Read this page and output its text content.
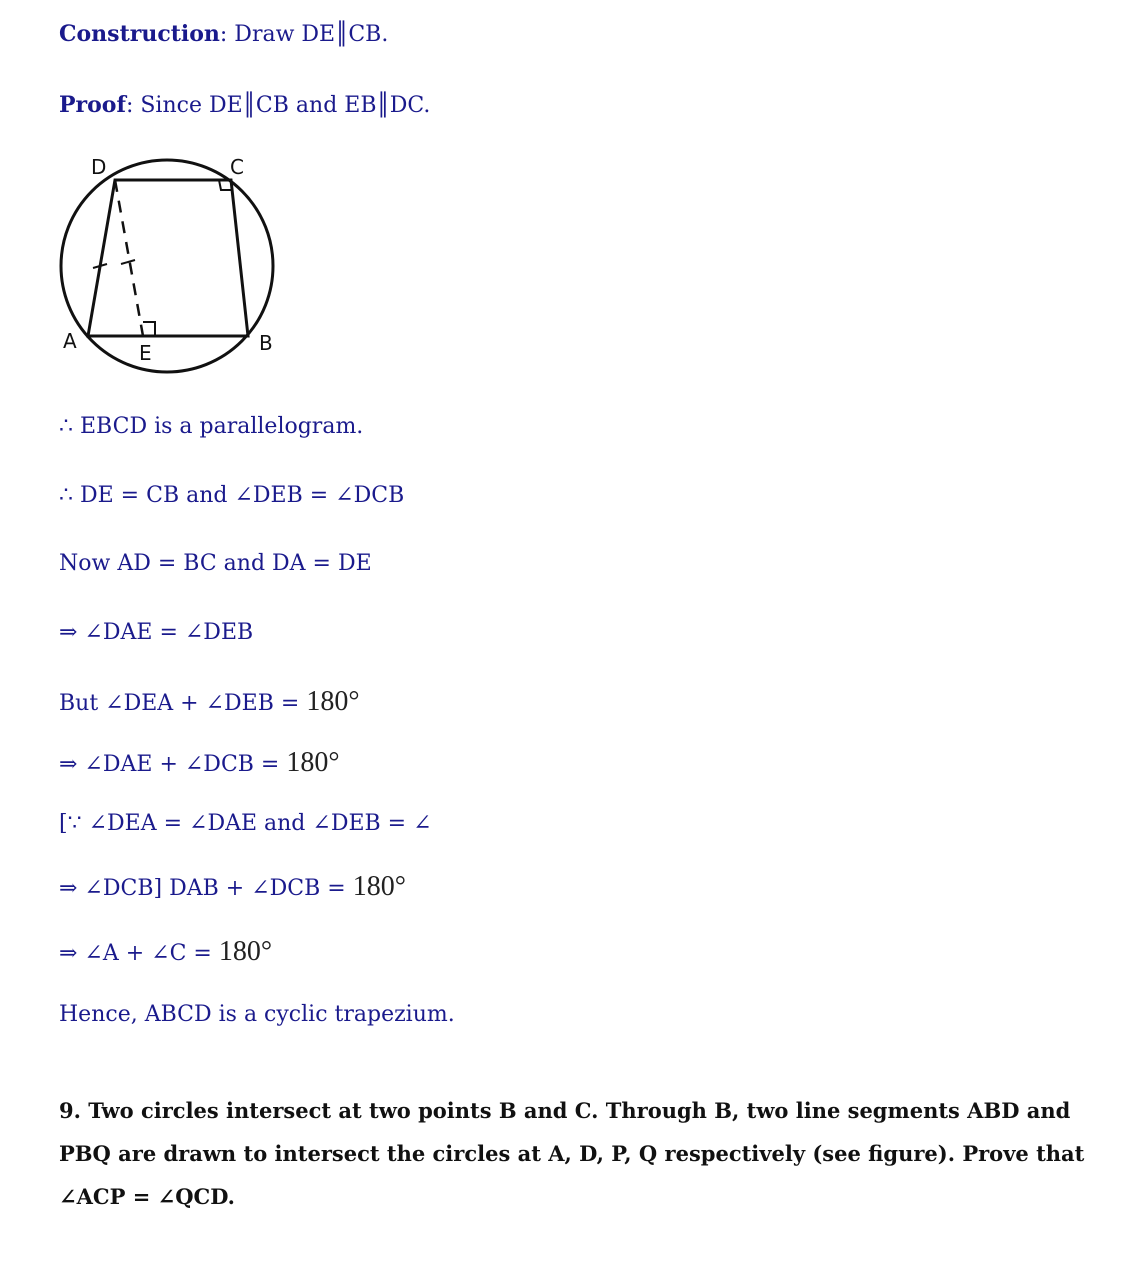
Construction: Draw DE║CB.
Proof: Since DE║CB and EB║DC.
D	C
A	E	B
∴ EBCD is a parallelogram.
∴ DE = CB and ∠DEB = ∠DCB
Now AD = BC and DA = DE
⇒ ∠DAE = ∠DEB
But ∠DEA + ∠DEB = 180°
⇒ ∠DAE + ∠DCB = 180°
[∵ ∠DEA = ∠DAE and ∠DEB = ∠
⇒ ∠DCB] DAB + ∠DCB = 180°
⇒ ∠A + ∠C = 180°
Hence, ABCD is a cyclic trapezium.
9. Two circles intersect at two points B and C. Through B, two line segments ABD and
PBQ are drawn to intersect the circles at A, D, P, Q respectively (see figure). Prove that
∠ACP = ∠QCD.
